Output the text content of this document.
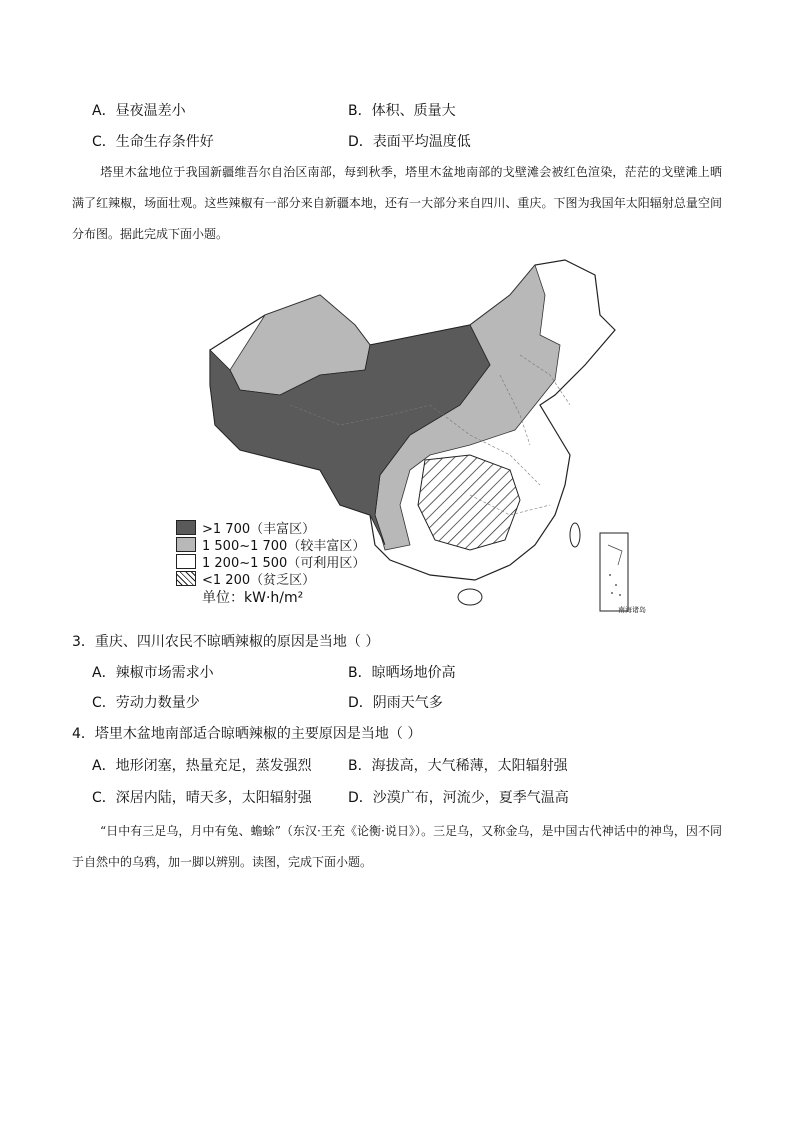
A．昼夜温差小	B．体积、质量大
C．生命生存条件好	D．表面平均温度低
塔里木盆地位于我国新疆维吾尔自治区南部，每到秋季，塔里木盆地南部的戈壁滩会被红色渲染，茫茫的戈壁滩上晒满了红辣椒，场面壮观。这些辣椒有一部分来自新疆本地，还有一大部分来自四川、重庆。下图为我国年太阳辐射总量空间分布图。据此完成下面小题。
南海诸岛
>1 700（丰富区）
1 500~1 700（较丰富区）
1 200~1 500（可利用区）
<1 200（贫乏区）
单位：kW·h/m²
3．重庆、四川农民不晾晒辣椒的原因是当地（ ）
A．辣椒市场需求小	B．晾晒场地价高
C．劳动力数量少	D．阴雨天气多
4．塔里木盆地南部适合晾晒辣椒的主要原因是当地（ ）
A．地形闭塞，热量充足，蒸发强烈	B．海拔高，大气稀薄，太阳辐射强
C．深居内陆，晴天多，太阳辐射强	D．沙漠广布，河流少，夏季气温高
“日中有三足乌，月中有兔、蟾蜍”（东汉·王充《论衡·说日》）。三足乌，又称金乌，是中国古代神话中的神鸟，因不同于自然中的乌鸦，加一脚以辨别。读图，完成下面小题。
